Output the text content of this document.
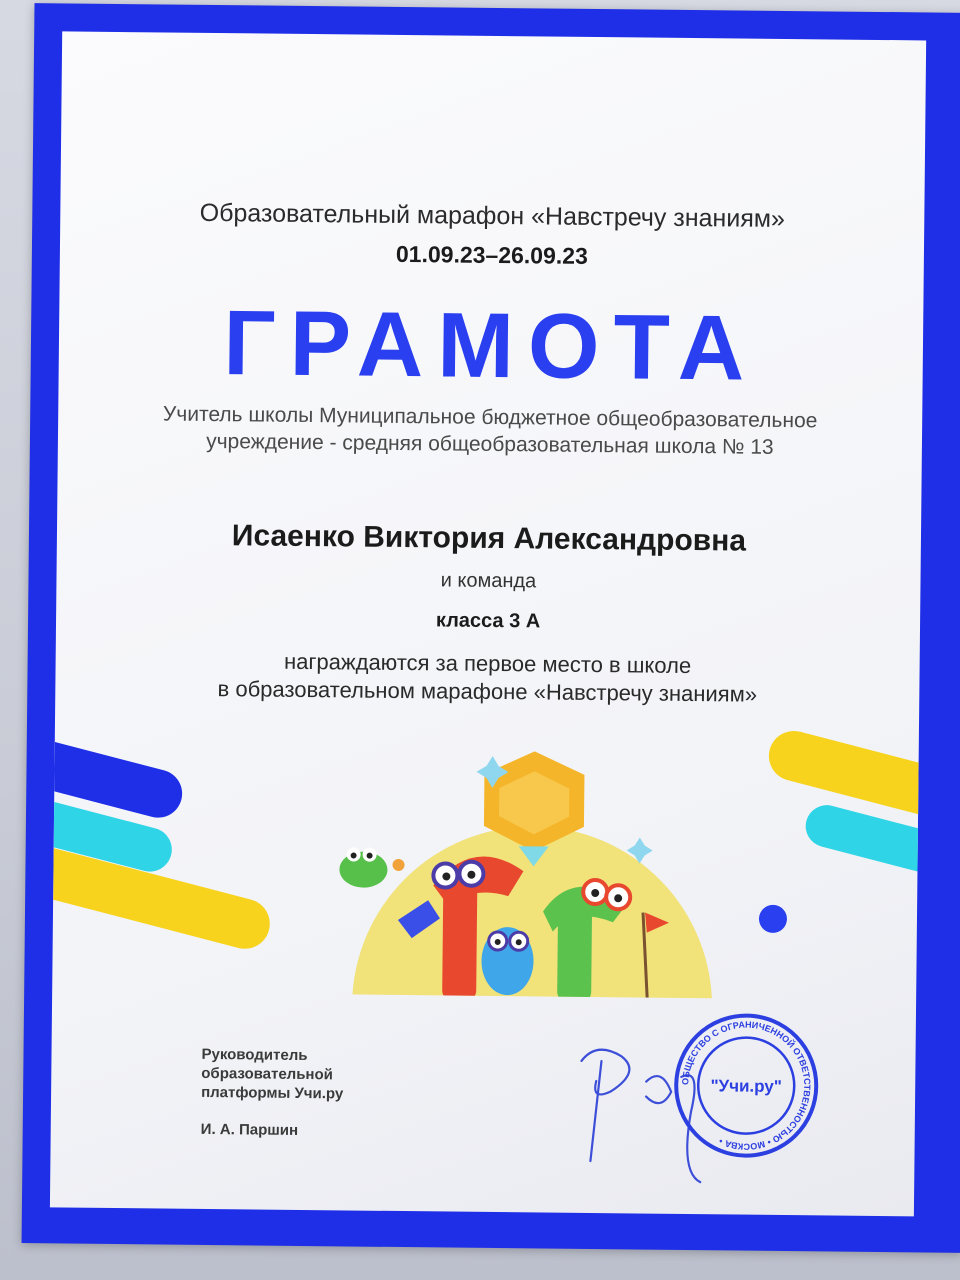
Образовательный марафон «Навстречу знаниям»
01.09.23–26.09.23
ГРАМОТА
Учитель школы Муниципальное бюджетное общеобразовательное
учреждение - средняя общеобразовательная школа № 13
Исаенко Виктория Александровна
и команда
класса 3 А
награждаются за первое место в школе
в образовательном марафоне «Навстречу знаниям»
Руководитель
образовательной
платформы Учи.ру
И. А. Паршин
ОБЩЕСТВО С ОГРАНИЧЕННОЙ ОТВЕТСТВЕННОСТЬЮ • МОСКВА •
"Учи.ру"
